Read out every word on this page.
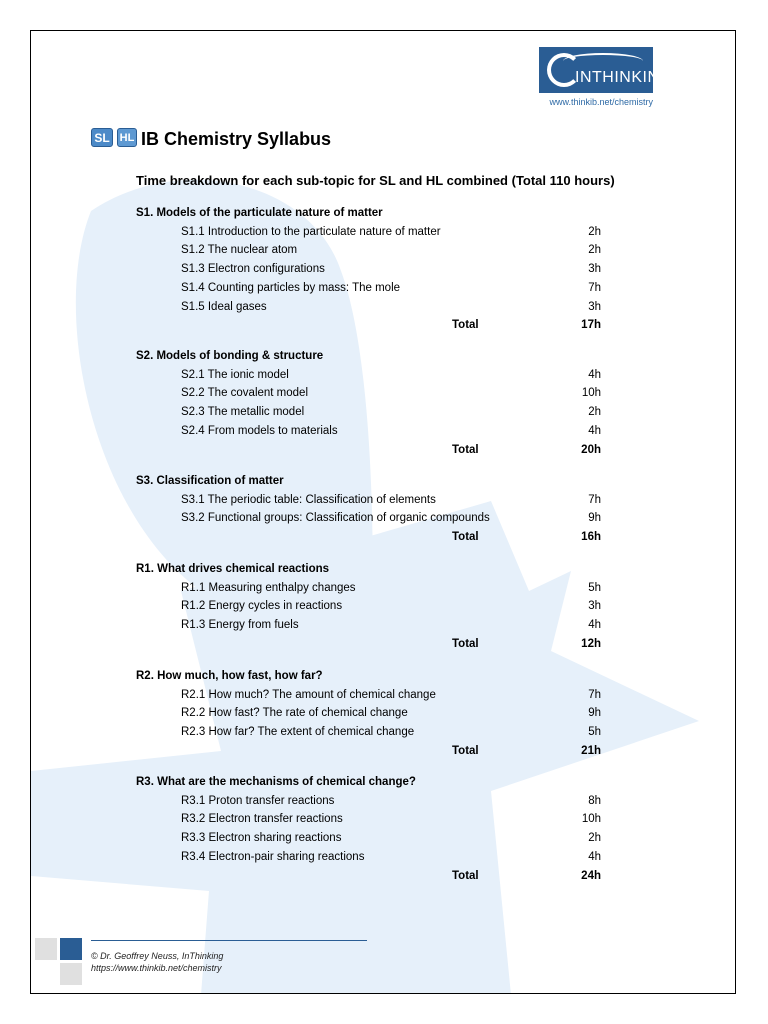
INTHINKING
www.thinkib.net/chemistry
SL HL IB Chemistry Syllabus
Time breakdown for each sub-topic for SL and HL combined (Total 110 hours)
S1. Models of the particulate nature of matter
S1.1 Introduction to the particulate nature of matter	2h
S1.2 The nuclear atom	2h
S1.3 Electron configurations	3h
S1.4 Counting particles by mass: The mole	7h
S1.5 Ideal gases	3h
Total	17h
S2. Models of bonding & structure
S2.1 The ionic model	4h
S2.2 The covalent model	10h
S2.3 The metallic model	2h
S2.4 From models to materials	4h
Total	20h
S3. Classification of matter
S3.1 The periodic table: Classification of elements	7h
S3.2 Functional groups: Classification of organic compounds	9h
Total	16h
R1. What drives chemical reactions
R1.1 Measuring enthalpy changes	5h
R1.2 Energy cycles in reactions	3h
R1.3 Energy from fuels	4h
Total	12h
R2. How much, how fast, how far?
R2.1 How much? The amount of chemical change	7h
R2.2 How fast? The rate of chemical change	9h
R2.3 How far? The extent of chemical change	5h
Total	21h
R3. What are the mechanisms of chemical change?
R3.1 Proton transfer reactions	8h
R3.2 Electron transfer reactions	10h
R3.3 Electron sharing reactions	2h
R3.4 Electron-pair sharing reactions	4h
Total	24h
© Dr. Geoffrey Neuss, InThinking
https://www.thinkib.net/chemistry
